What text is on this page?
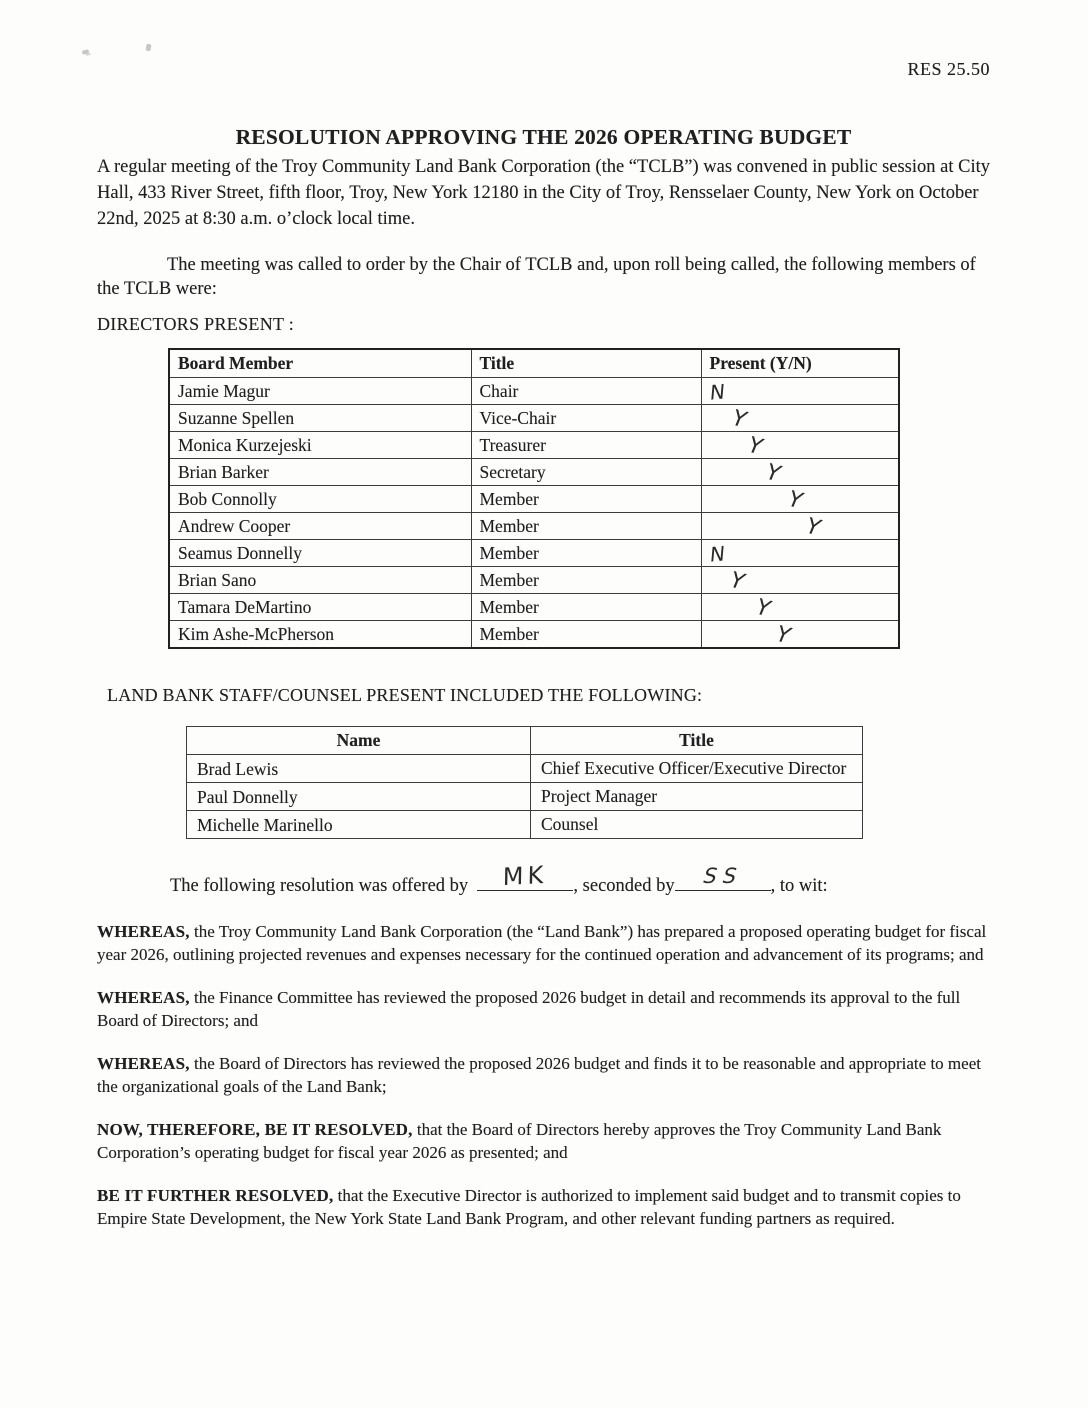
RES 25.50
RESOLUTION APPROVING THE 2026 OPERATING BUDGET

A regular meeting of the Troy Community Land Bank Corporation (the “TCLB”) was convened in public session at City Hall, 433 River Street, fifth floor, Troy, New York 12180 in the City of Troy, Rensselaer County, New York on October 22nd, 2025 at 8:30 a.m. o’clock local time.

The meeting was called to order by the Chair of TCLB and, upon roll being called, the following members of the TCLB were:

DIRECTORS PRESENT :
Board Member	Title	Present (Y/N)
Jamie Magur	Chair	N
Suzanne Spellen	Vice-Chair	Y
Monica Kurzejeski	Treasurer	Y
Brian Barker	Secretary	Y
Bob Connolly	Member	Y
Andrew Cooper	Member	Y
Seamus Donnelly	Member	N
Brian Sano	Member	Y
Tamara DeMartino	Member	Y
Kim Ashe-McPherson	Member	Y
LAND BANK STAFF/COUNSEL PRESENT INCLUDED THE FOLLOWING:
Name	Title
Brad Lewis	Chief Executive Officer/Executive Director
Paul Donnelly	Project Manager
Michelle Marinello	Counsel

The following resolution was offered by	MK	, seconded by	SS	, to wit:

WHEREAS, the Troy Community Land Bank Corporation (the “Land Bank”) has prepared a proposed operating budget for fiscal year 2026, outlining projected revenues and expenses necessary for the continued operation and advancement of its programs; and

WHEREAS, the Finance Committee has reviewed the proposed 2026 budget in detail and recommends its approval to the full Board of Directors; and

WHEREAS, the Board of Directors has reviewed the proposed 2026 budget and finds it to be reasonable and appropriate to meet the organizational goals of the Land Bank;

NOW, THEREFORE, BE IT RESOLVED, that the Board of Directors hereby approves the Troy Community Land Bank Corporation’s operating budget for fiscal year 2026 as presented; and

BE IT FURTHER RESOLVED, that the Executive Director is authorized to implement said budget and to transmit copies to Empire State Development, the New York State Land Bank Program, and other relevant funding partners as required.
